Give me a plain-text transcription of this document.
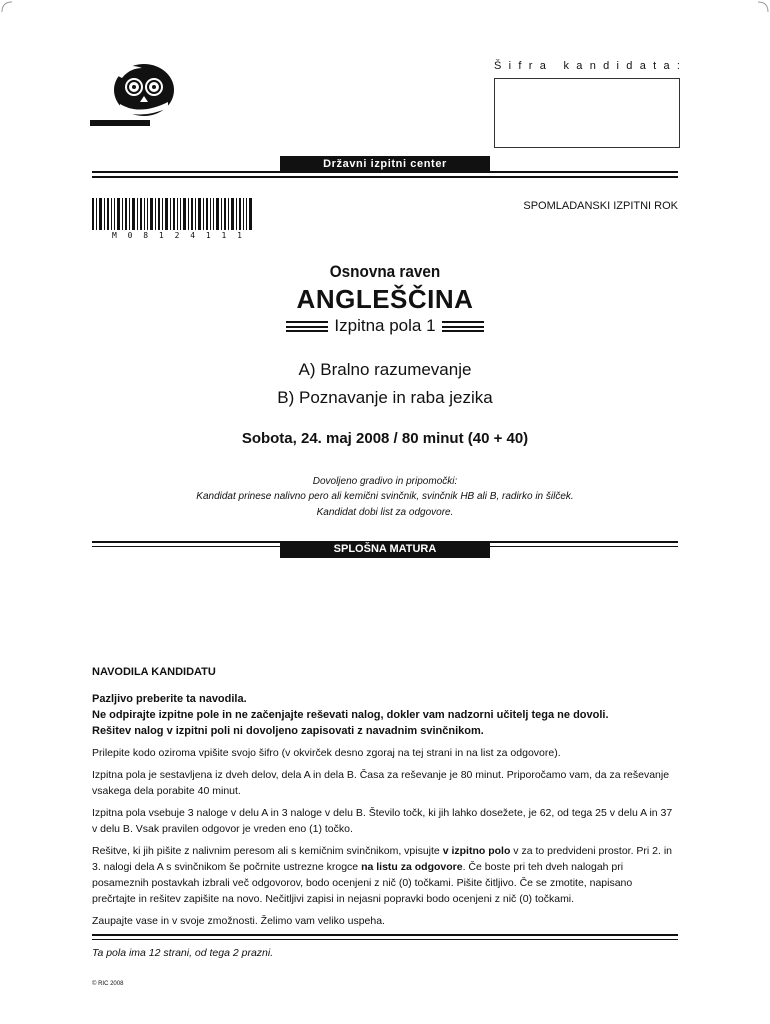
Šifra kandidata:
Državni izpitni center
M 0 8 1 2 4 1 1 1
SPOMLADANSKI IZPITNI ROK
Osnovna raven
ANGLEŠČINA
Izpitna pola 1
A) Bralno razumevanje
B) Poznavanje in raba jezika
Sobota, 24. maj 2008 / 80 minut (40 + 40)
Dovoljeno gradivo in pripomočki:
Kandidat prinese nalivno pero ali kemični svinčnik, svinčnik HB ali B, radirko in šilček.
Kandidat dobi list za odgovore.
SPLOŠNA MATURA
NAVODILA KANDIDATU
Pazljivo preberite ta navodila.
Ne odpirajte izpitne pole in ne začenjajte reševati nalog, dokler vam nadzorni učitelj tega ne dovoli.
Rešitev nalog v izpitni poli ni dovoljeno zapisovati z navadnim svinčnikom.

Prilepite kodo oziroma vpišite svojo šifro (v okvirček desno zgoraj na tej strani in na list za odgovore).

Izpitna pola je sestavljena iz dveh delov, dela A in dela B. Časa za reševanje je 80 minut. Priporočamo vam, da za reševanje vsakega dela porabite 40 minut.

Izpitna pola vsebuje 3 naloge v delu A in 3 naloge v delu B. Število točk, ki jih lahko dosežete, je 62, od tega 25 v delu A in 37 v delu B. Vsak pravilen odgovor je vreden eno (1) točko.

Rešitve, ki jih pišite z nalivnim peresom ali s kemičnim svinčnikom, vpisujte v izpitno polo v za to predvideni prostor. Pri 2. in 3. nalogi dela A s svinčnikom še počrnite ustrezne krogce na listu za odgovore. Če boste pri teh dveh nalogah pri posameznih postavkah izbrali več odgovorov, bodo ocenjeni z nič (0) točkami. Pišite čitljivo. Če se zmotite, napisano prečrtajte in rešitev zapišite na novo. Nečitljivi zapisi in nejasni popravki bodo ocenjeni z nič (0) točkami.

Zaupajte vase in v svoje zmožnosti. Želimo vam veliko uspeha.

Ta pola ima 12 strani, od tega 2 prazni.
© RIC 2008
